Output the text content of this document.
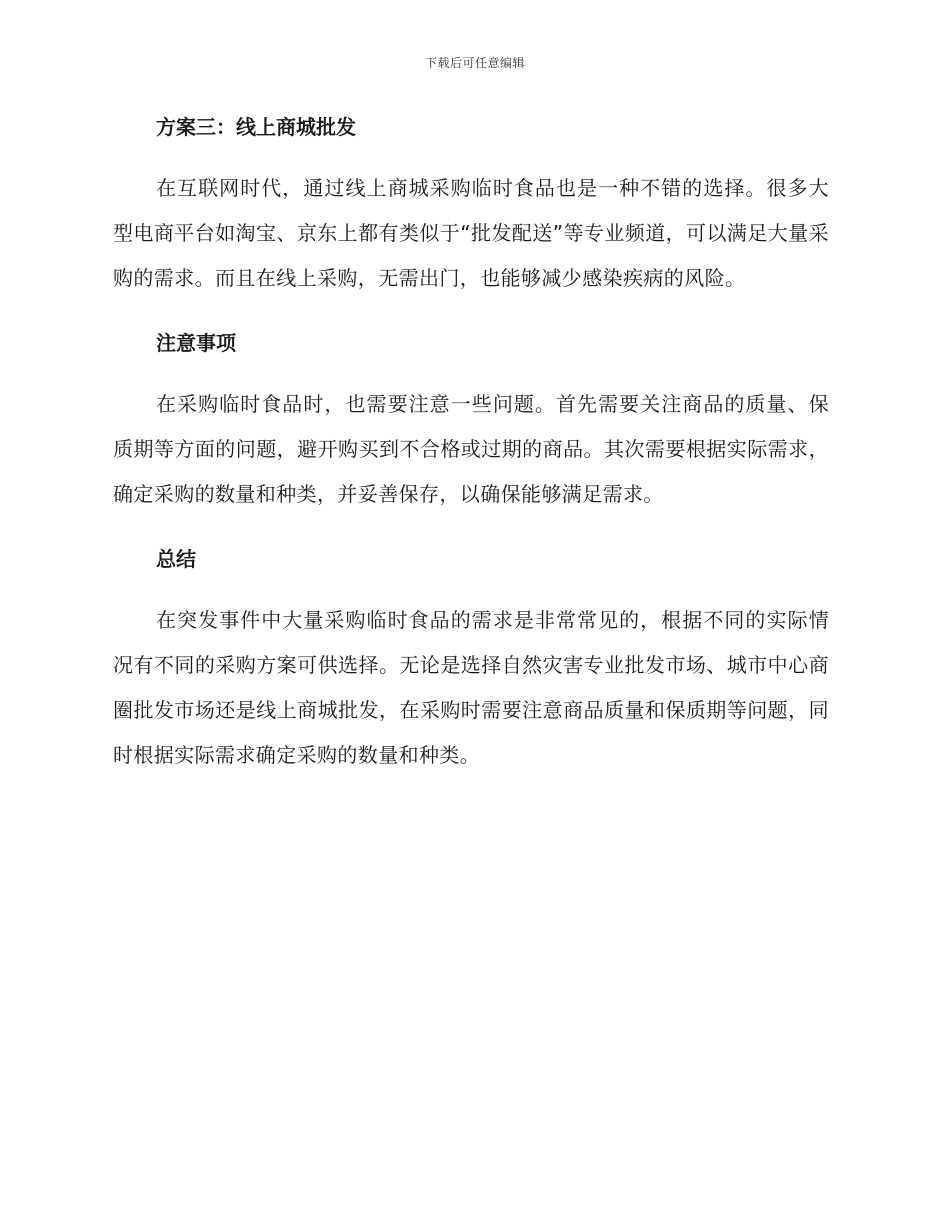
下载后可任意编辑
方案三：线上商城批发

在互联网时代，通过线上商城采购临时食品也是一种不错的选择。很多大型电商平台如淘宝、京东上都有类似于“批发配送”等专业频道，可以满足大量采购的需求。而且在线上采购，无需出门，也能够减少感染疾病的风险。

注意事项

在采购临时食品时，也需要注意一些问题。首先需要关注商品的质量、保质期等方面的问题，避开购买到不合格或过期的商品。其次需要根据实际需求，确定采购的数量和种类，并妥善保存，以确保能够满足需求。

总结

在突发事件中大量采购临时食品的需求是非常常见的，根据不同的实际情况有不同的采购方案可供选择。无论是选择自然灾害专业批发市场、城市中心商圈批发市场还是线上商城批发，在采购时需要注意商品质量和保质期等问题，同时根据实际需求确定采购的数量和种类。
